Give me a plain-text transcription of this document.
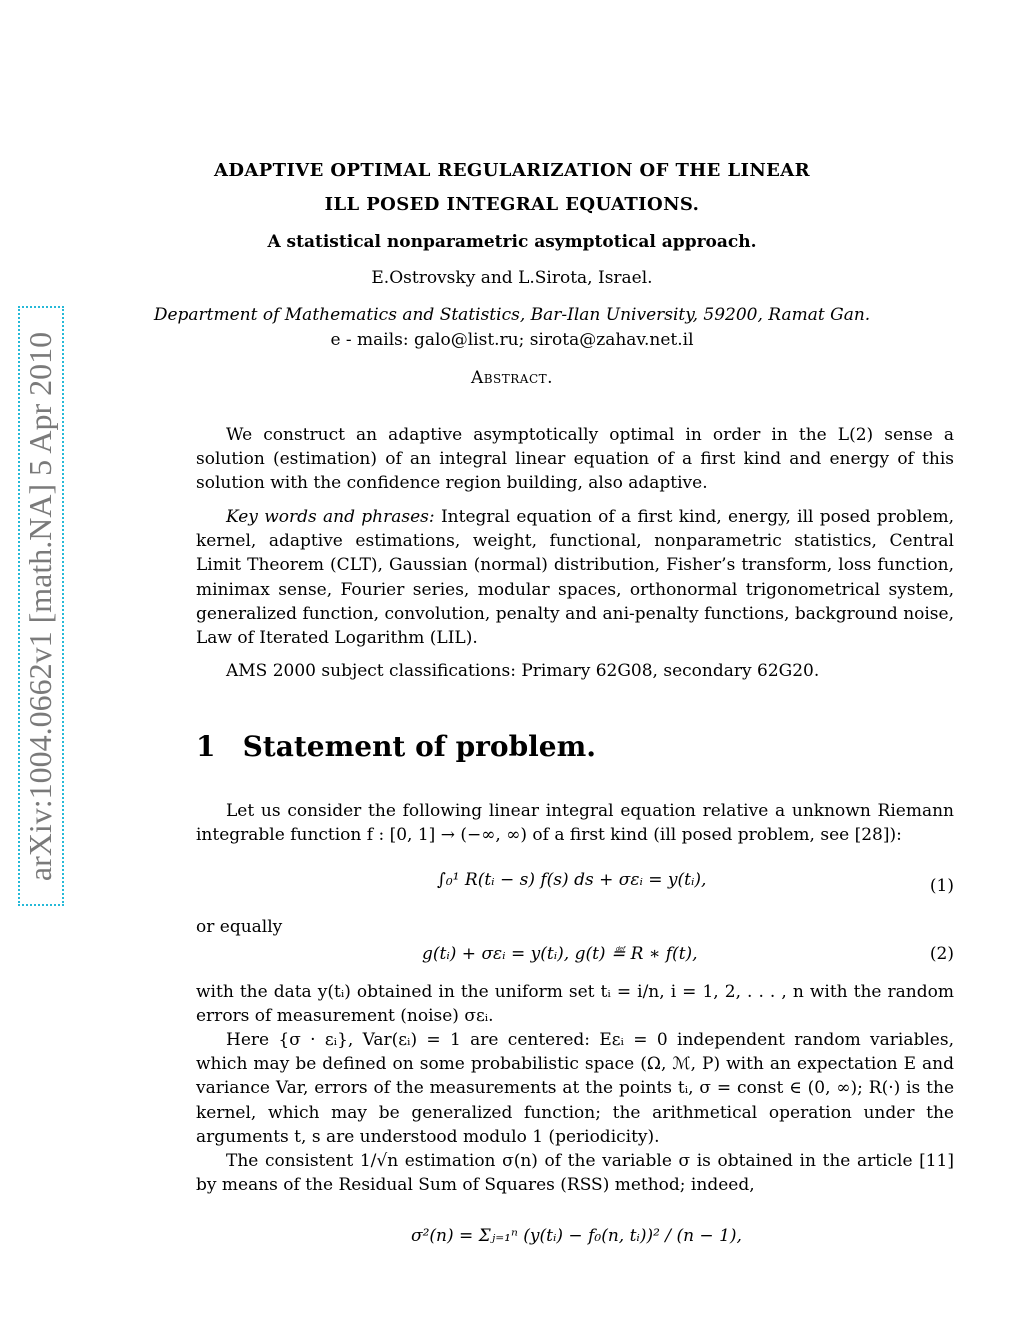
arXiv:1004.0662v1 [math.NA] 5 Apr 2010
ADAPTIVE OPTIMAL REGULARIZATION OF THE LINEAR
ILL POSED INTEGRAL EQUATIONS.
A statistical nonparametric asymptotical approach.
E.Ostrovsky and L.Sirota, Israel.
Department of Mathematics and Statistics, Bar-Ilan University, 59200, Ramat Gan.
e - mails: galo@list.ru; sirota@zahav.net.il
Abstract.
We construct an adaptive asymptotically optimal in order in the L(2) sense a solution (estimation) of an integral linear equation of a first kind and energy of this solution with the confidence region building, also adaptive.
Key words and phrases: Integral equation of a first kind, energy, ill posed problem, kernel, adaptive estimations, weight, functional, nonparametric statistics, Central Limit Theorem (CLT), Gaussian (normal) distribution, Fisher’s transform, loss function, minimax sense, Fourier series, modular spaces, orthonormal trigonometrical system, generalized function, convolution, penalty and ani-penalty functions, background noise, Law of Iterated Logarithm (LIL).
AMS 2000 subject classifications: Primary 62G08, secondary 62G20.
1 Statement of problem.
Let us consider the following linear integral equation relative a unknown Riemann integrable function f : [0, 1] → (−∞, ∞) of a first kind (ill posed problem, see [28]):
∫₀¹ R(tᵢ − s) f(s) ds + σεᵢ = y(tᵢ),	(1)
or equally
g(tᵢ) + σεᵢ = y(tᵢ), g(t) ≝ R ∗ f(t),	(2)
with the data y(tᵢ) obtained in the uniform set tᵢ = i/n, i = 1, 2, . . . , n with the random errors of measurement (noise) σεᵢ.
Here {σ · εᵢ}, Var(εᵢ) = 1 are centered: Eεᵢ = 0 independent random variables, which may be defined on some probabilistic space (Ω, ℳ, P) with an expectation E and variance Var, errors of the measurements at the points tᵢ, σ = const ∈ (0, ∞); R(·) is the kernel, which may be generalized function; the arithmetical operation under the arguments t, s are understood modulo 1 (periodicity).
The consistent 1/√n estimation σ(n) of the variable σ is obtained in the article [11] by means of the Residual Sum of Squares (RSS) method; indeed,
σ²(n) = Σⱼ₌₁ⁿ (y(tᵢ) − f₀(n, tᵢ))² / (n − 1),
